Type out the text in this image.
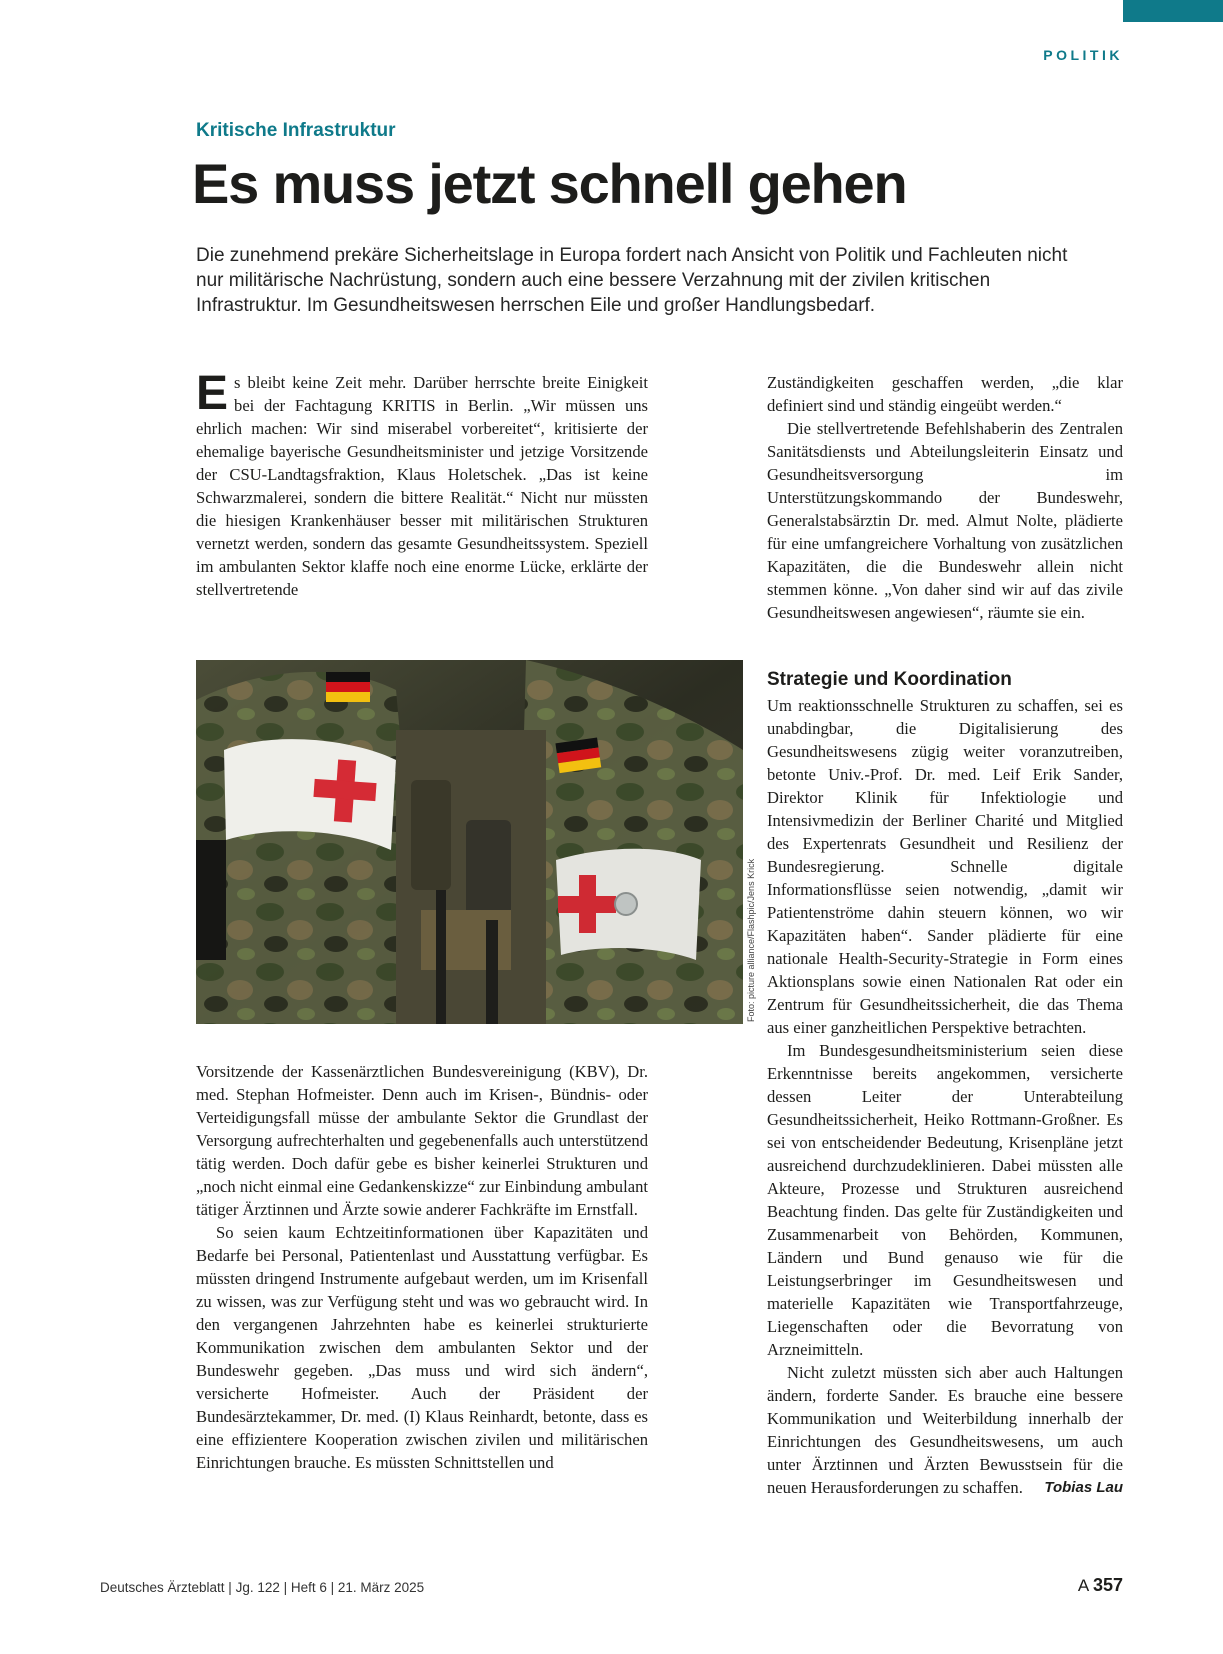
POLITIK
Kritische Infrastruktur
Es muss jetzt schnell gehen

Die zunehmend prekäre Sicherheitslage in Europa fordert nach Ansicht von Politik und Fachleuten nicht nur militärische Nachrüstung, sondern auch eine bessere Verzahnung mit der zivilen kritischen Infrastruktur. Im Gesundheitswesen herrschen Eile und großer Handlungsbedarf.

Es bleibt keine Zeit mehr. Darüber herrschte breite Einigkeit bei der Fachtagung KRITIS in Berlin. „Wir müssen uns ehrlich machen: Wir sind miserabel vorbereitet“, kritisierte der ehemalige bayerische Gesundheitsminister und jetzige Vorsitzende der CSU-Landtagsfraktion, Klaus Holetschek. „Das ist keine Schwarzmalerei, sondern die bittere Realität.“ Nicht nur müssten die hiesigen Krankenhäuser besser mit militärischen Strukturen vernetzt werden, sondern das gesamte Gesundheitssystem. Speziell im ambulanten Sektor klaffe noch eine enorme Lücke, erklärte der stellvertretende

Foto: picture alliance/Flashpic/Jens Krick

Vorsitzende der Kassenärztlichen Bundesvereinigung (KBV), Dr. med. Stephan Hofmeister. Denn auch im Krisen-, Bündnis- oder Verteidigungsfall müsse der ambulante Sektor die Grundlast der Versorgung aufrechterhalten und gegebenenfalls auch unterstützend tätig werden. Doch dafür gebe es bisher keinerlei Strukturen und „noch nicht einmal eine Gedankenskizze“ zur Einbindung ambulant tätiger Ärztinnen und Ärzte sowie anderer Fachkräfte im Ernstfall.

So seien kaum Echtzeitinformationen über Kapazitäten und Bedarfe bei Personal, Patientenlast und Ausstattung verfügbar. Es müssten dringend Instrumente aufgebaut werden, um im Krisenfall zu wissen, was zur Verfügung steht und was wo gebraucht wird. In den vergangenen Jahrzehnten habe es keinerlei strukturierte Kommunikation zwischen dem ambulanten Sektor und der Bundeswehr gegeben. „Das muss und wird sich ändern“, versicherte Hofmeister. Auch der Präsident der Bundesärztekammer, Dr. med. (I) Klaus Reinhardt, betonte, dass es eine effizientere Kooperation zwischen zivilen und militärischen Einrichtungen brauche. Es müssten Schnittstellen und

Zuständigkeiten geschaffen werden, „die klar definiert sind und ständig eingeübt werden.“

Die stellvertretende Befehlshaberin des Zentralen Sanitätsdiensts und Abteilungsleiterin Einsatz und Gesundheitsversorgung im Unterstützungskommando der Bundeswehr, Generalstabsärztin Dr. med. Almut Nolte, plädierte für eine umfangreichere Vorhaltung von zusätzlichen Kapazitäten, die die Bundeswehr allein nicht stemmen könne. „Von daher sind wir auf das zivile Gesundheitswesen angewiesen“, räumte sie ein.

Strategie und Koordination

Um reaktionsschnelle Strukturen zu schaffen, sei es unabdingbar, die Digitalisierung des Gesundheitswesens zügig weiter voranzutreiben, betonte Univ.-Prof. Dr. med. Leif Erik Sander, Direktor Klinik für Infektiologie und Intensivmedizin der Berliner Charité und Mitglied des Expertenrats Gesundheit und Resilienz der Bundesregierung. Schnelle digitale Informationsflüsse seien notwendig, „damit wir Patientenströme dahin steuern können, wo wir Kapazitäten haben“. Sander plädierte für eine nationale Health-Security-Strategie in Form eines Aktionsplans sowie einen Nationalen Rat oder ein Zentrum für Gesundheitssicherheit, die das Thema aus einer ganzheitlichen Perspektive betrachten.

Im Bundesgesundheitsministerium seien diese Erkenntnisse bereits angekommen, versicherte dessen Leiter der Unterabteilung Gesundheitssicherheit, Heiko Rottmann-Großner. Es sei von entscheidender Bedeutung, Krisenpläne jetzt ausreichend durchzudeklinieren. Dabei müssten alle Akteure, Prozesse und Strukturen ausreichend Beachtung finden. Das gelte für Zuständigkeiten und Zusammenarbeit von Behörden, Kommunen, Ländern und Bund genauso wie für die Leistungserbringer im Gesundheitswesen und materielle Kapazitäten wie Transportfahrzeuge, Liegenschaften oder die Bevorratung von Arzneimitteln.

Nicht zuletzt müssten sich aber auch Haltungen ändern, forderte Sander. Es brauche eine bessere Kommunikation und Weiterbildung innerhalb der Einrichtungen des Gesundheitswesens, um auch unter Ärztinnen und Ärzten Bewusstsein für die neuen Herausforderungen zu schaffen.	Tobias Lau

Deutsches Ärzteblatt | Jg. 122 | Heft 6 | 21. März 2025	A 357
